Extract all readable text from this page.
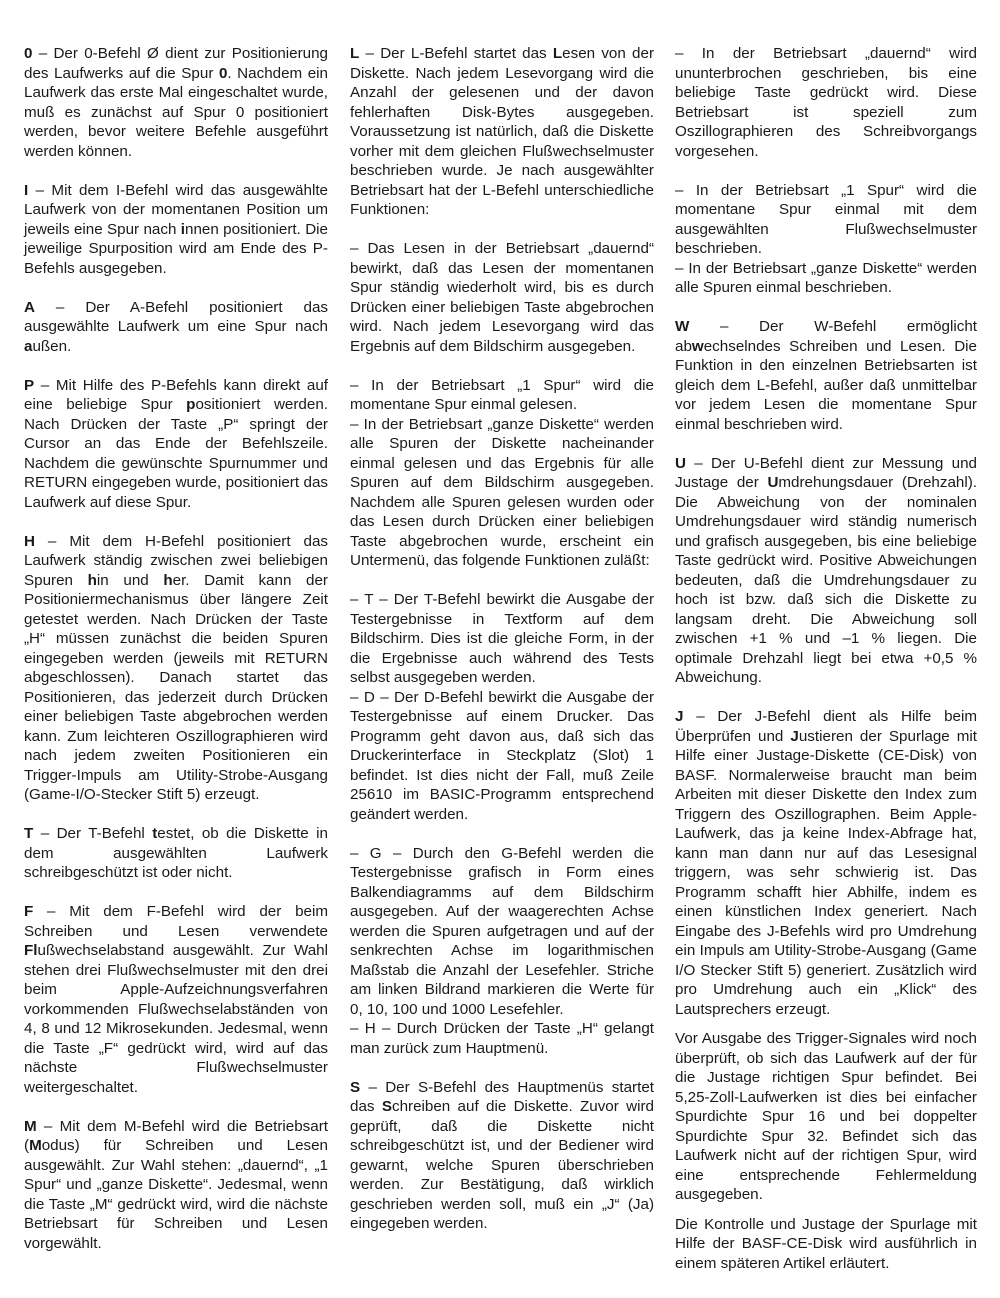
0 – Der 0-Befehl Ø dient zur Positionierung des Laufwerks auf die Spur 0. Nachdem ein Laufwerk das erste Mal eingeschaltet wurde, muß es zunächst auf Spur 0 positioniert werden, bevor weitere Befehle ausgeführt werden können.

I – Mit dem I-Befehl wird das ausgewählte Laufwerk von der momentanen Position um jeweils eine Spur nach innen positioniert. Die jeweilige Spurposition wird am Ende des P-Befehls ausgegeben.

A – Der A-Befehl positioniert das ausgewählte Laufwerk um eine Spur nach außen.

P – Mit Hilfe des P-Befehls kann direkt auf eine beliebige Spur positioniert werden. Nach Drücken der Taste „P“ springt der Cursor an das Ende der Befehlszeile. Nachdem die gewünschte Spurnummer und RETURN eingegeben wurde, positioniert das Laufwerk auf diese Spur.

H – Mit dem H-Befehl positioniert das Laufwerk ständig zwischen zwei beliebigen Spuren hin und her. Damit kann der Positioniermechanismus über längere Zeit getestet werden. Nach Drücken der Taste „H“ müssen zunächst die beiden Spuren eingegeben werden (jeweils mit RETURN abgeschlossen). Danach startet das Positionieren, das jederzeit durch Drücken einer beliebigen Taste abgebrochen werden kann. Zum leichteren Oszillographieren wird nach jedem zweiten Positionieren ein Trigger-Impuls am Utility-Strobe-Ausgang (Game-I/O-Stecker Stift 5) erzeugt.

T – Der T-Befehl testet, ob die Diskette in dem ausgewählten Laufwerk schreibgeschützt ist oder nicht.

F – Mit dem F-Befehl wird der beim Schreiben und Lesen verwendete Flußwechselabstand ausgewählt. Zur Wahl stehen drei Flußwechselmuster mit den drei beim Apple-Aufzeichnungsverfahren vorkommenden Flußwechselabständen von 4, 8 und 12 Mikrosekunden. Jedesmal, wenn die Taste „F“ gedrückt wird, wird auf das nächste Flußwechselmuster weitergeschaltet.

M – Mit dem M-Befehl wird die Betriebsart (Modus) für Schreiben und Lesen ausgewählt. Zur Wahl stehen: „dauernd“, „1 Spur“ und „ganze Diskette“. Jedesmal, wenn die Taste „M“ gedrückt wird, wird die nächste Betriebsart für Schreiben und Lesen vorgewählt.

L – Der L-Befehl startet das Lesen von der Diskette. Nach jedem Lesevorgang wird die Anzahl der gelesenen und der davon fehlerhaften Disk-Bytes ausgegeben. Voraussetzung ist natürlich, daß die Diskette vorher mit dem gleichen Flußwechselmuster beschrieben wurde. Je nach ausgewählter Betriebsart hat der L-Befehl unterschiedliche Funktionen:

– Das Lesen in der Betriebsart „dauernd“ bewirkt, daß das Lesen der momentanen Spur ständig wiederholt wird, bis es durch Drücken einer beliebigen Taste abgebrochen wird. Nach jedem Lesevorgang wird das Ergebnis auf dem Bildschirm ausgegeben.

– In der Betriebsart „1 Spur“ wird die momentane Spur einmal gelesen.

– In der Betriebsart „ganze Diskette“ werden alle Spuren der Diskette nacheinander einmal gelesen und das Ergebnis für alle Spuren auf dem Bildschirm ausgegeben. Nachdem alle Spuren gelesen wurden oder das Lesen durch Drücken einer beliebigen Taste abgebrochen wurde, erscheint ein Untermenü, das folgende Funktionen zuläßt:

– T – Der T-Befehl bewirkt die Ausgabe der Testergebnisse in Textform auf dem Bildschirm. Dies ist die gleiche Form, in der die Ergebnisse auch während des Tests selbst ausgegeben werden.

– D – Der D-Befehl bewirkt die Ausgabe der Testergebnisse auf einem Drucker. Das Programm geht davon aus, daß sich das Druckerinterface in Steckplatz (Slot) 1 befindet. Ist dies nicht der Fall, muß Zeile 25610 im BASIC-Programm entsprechend geändert werden.

– G – Durch den G-Befehl werden die Testergebnisse grafisch in Form eines Balkendiagramms auf dem Bildschirm ausgegeben. Auf der waagerechten Achse werden die Spuren aufgetragen und auf der senkrechten Achse im logarithmischen Maßstab die Anzahl der Lesefehler. Striche am linken Bildrand markieren die Werte für 0, 10, 100 und 1000 Lesefehler.

– H – Durch Drücken der Taste „H“ gelangt man zurück zum Hauptmenü.

S – Der S-Befehl des Hauptmenüs startet das Schreiben auf die Diskette. Zuvor wird geprüft, daß die Diskette nicht schreibgeschützt ist, und der Bediener wird gewarnt, welche Spuren überschrieben werden. Zur Bestätigung, daß wirklich geschrieben werden soll, muß ein „J“ (Ja) eingegeben werden.

– In der Betriebsart „dauernd“ wird ununterbrochen geschrieben, bis eine beliebige Taste gedrückt wird. Diese Betriebsart ist speziell zum Oszillographieren des Schreibvorgangs vorgesehen.

– In der Betriebsart „1 Spur“ wird die momentane Spur einmal mit dem ausgewählten Flußwechselmuster beschrieben.

– In der Betriebsart „ganze Diskette“ werden alle Spuren einmal beschrieben.

W – Der W-Befehl ermöglicht abwechselndes Schreiben und Lesen. Die Funktion in den einzelnen Betriebsarten ist gleich dem L-Befehl, außer daß unmittelbar vor jedem Lesen die momentane Spur einmal beschrieben wird.

U – Der U-Befehl dient zur Messung und Justage der Umdrehungsdauer (Drehzahl). Die Abweichung von der nominalen Umdrehungsdauer wird ständig numerisch und grafisch ausgegeben, bis eine beliebige Taste gedrückt wird. Positive Abweichungen bedeuten, daß die Umdrehungsdauer zu hoch ist bzw. daß sich die Diskette zu langsam dreht. Die Abweichung soll zwischen +1 % und –1 % liegen. Die optimale Drehzahl liegt bei etwa +0,5 % Abweichung.

J – Der J-Befehl dient als Hilfe beim Überprüfen und Justieren der Spurlage mit Hilfe einer Justage-Diskette (CE-Disk) von BASF. Normalerweise braucht man beim Arbeiten mit dieser Diskette den Index zum Triggern des Oszillographen. Beim Apple-Laufwerk, das ja keine Index-Abfrage hat, kann man dann nur auf das Lesesignal triggern, was sehr schwierig ist. Das Programm schafft hier Abhilfe, indem es einen künstlichen Index generiert. Nach Eingabe des J-Befehls wird pro Umdrehung ein Impuls am Utility-Strobe-Ausgang (Game I/O Stecker Stift 5) generiert. Zusätzlich wird pro Umdrehung auch ein „Klick“ des Lautsprechers erzeugt.

Vor Ausgabe des Trigger-Signales wird noch überprüft, ob sich das Laufwerk auf der für die Justage richtigen Spur befindet. Bei 5,25-Zoll-Laufwerken ist dies bei einfacher Spurdichte Spur 16 und bei doppelter Spurdichte Spur 32. Befindet sich das Laufwerk nicht auf der richtigen Spur, wird eine entsprechende Fehlermeldung ausgegeben.

Die Kontrolle und Justage der Spurlage mit Hilfe der BASF-CE-Disk wird ausführlich in einem späteren Artikel erläutert.
